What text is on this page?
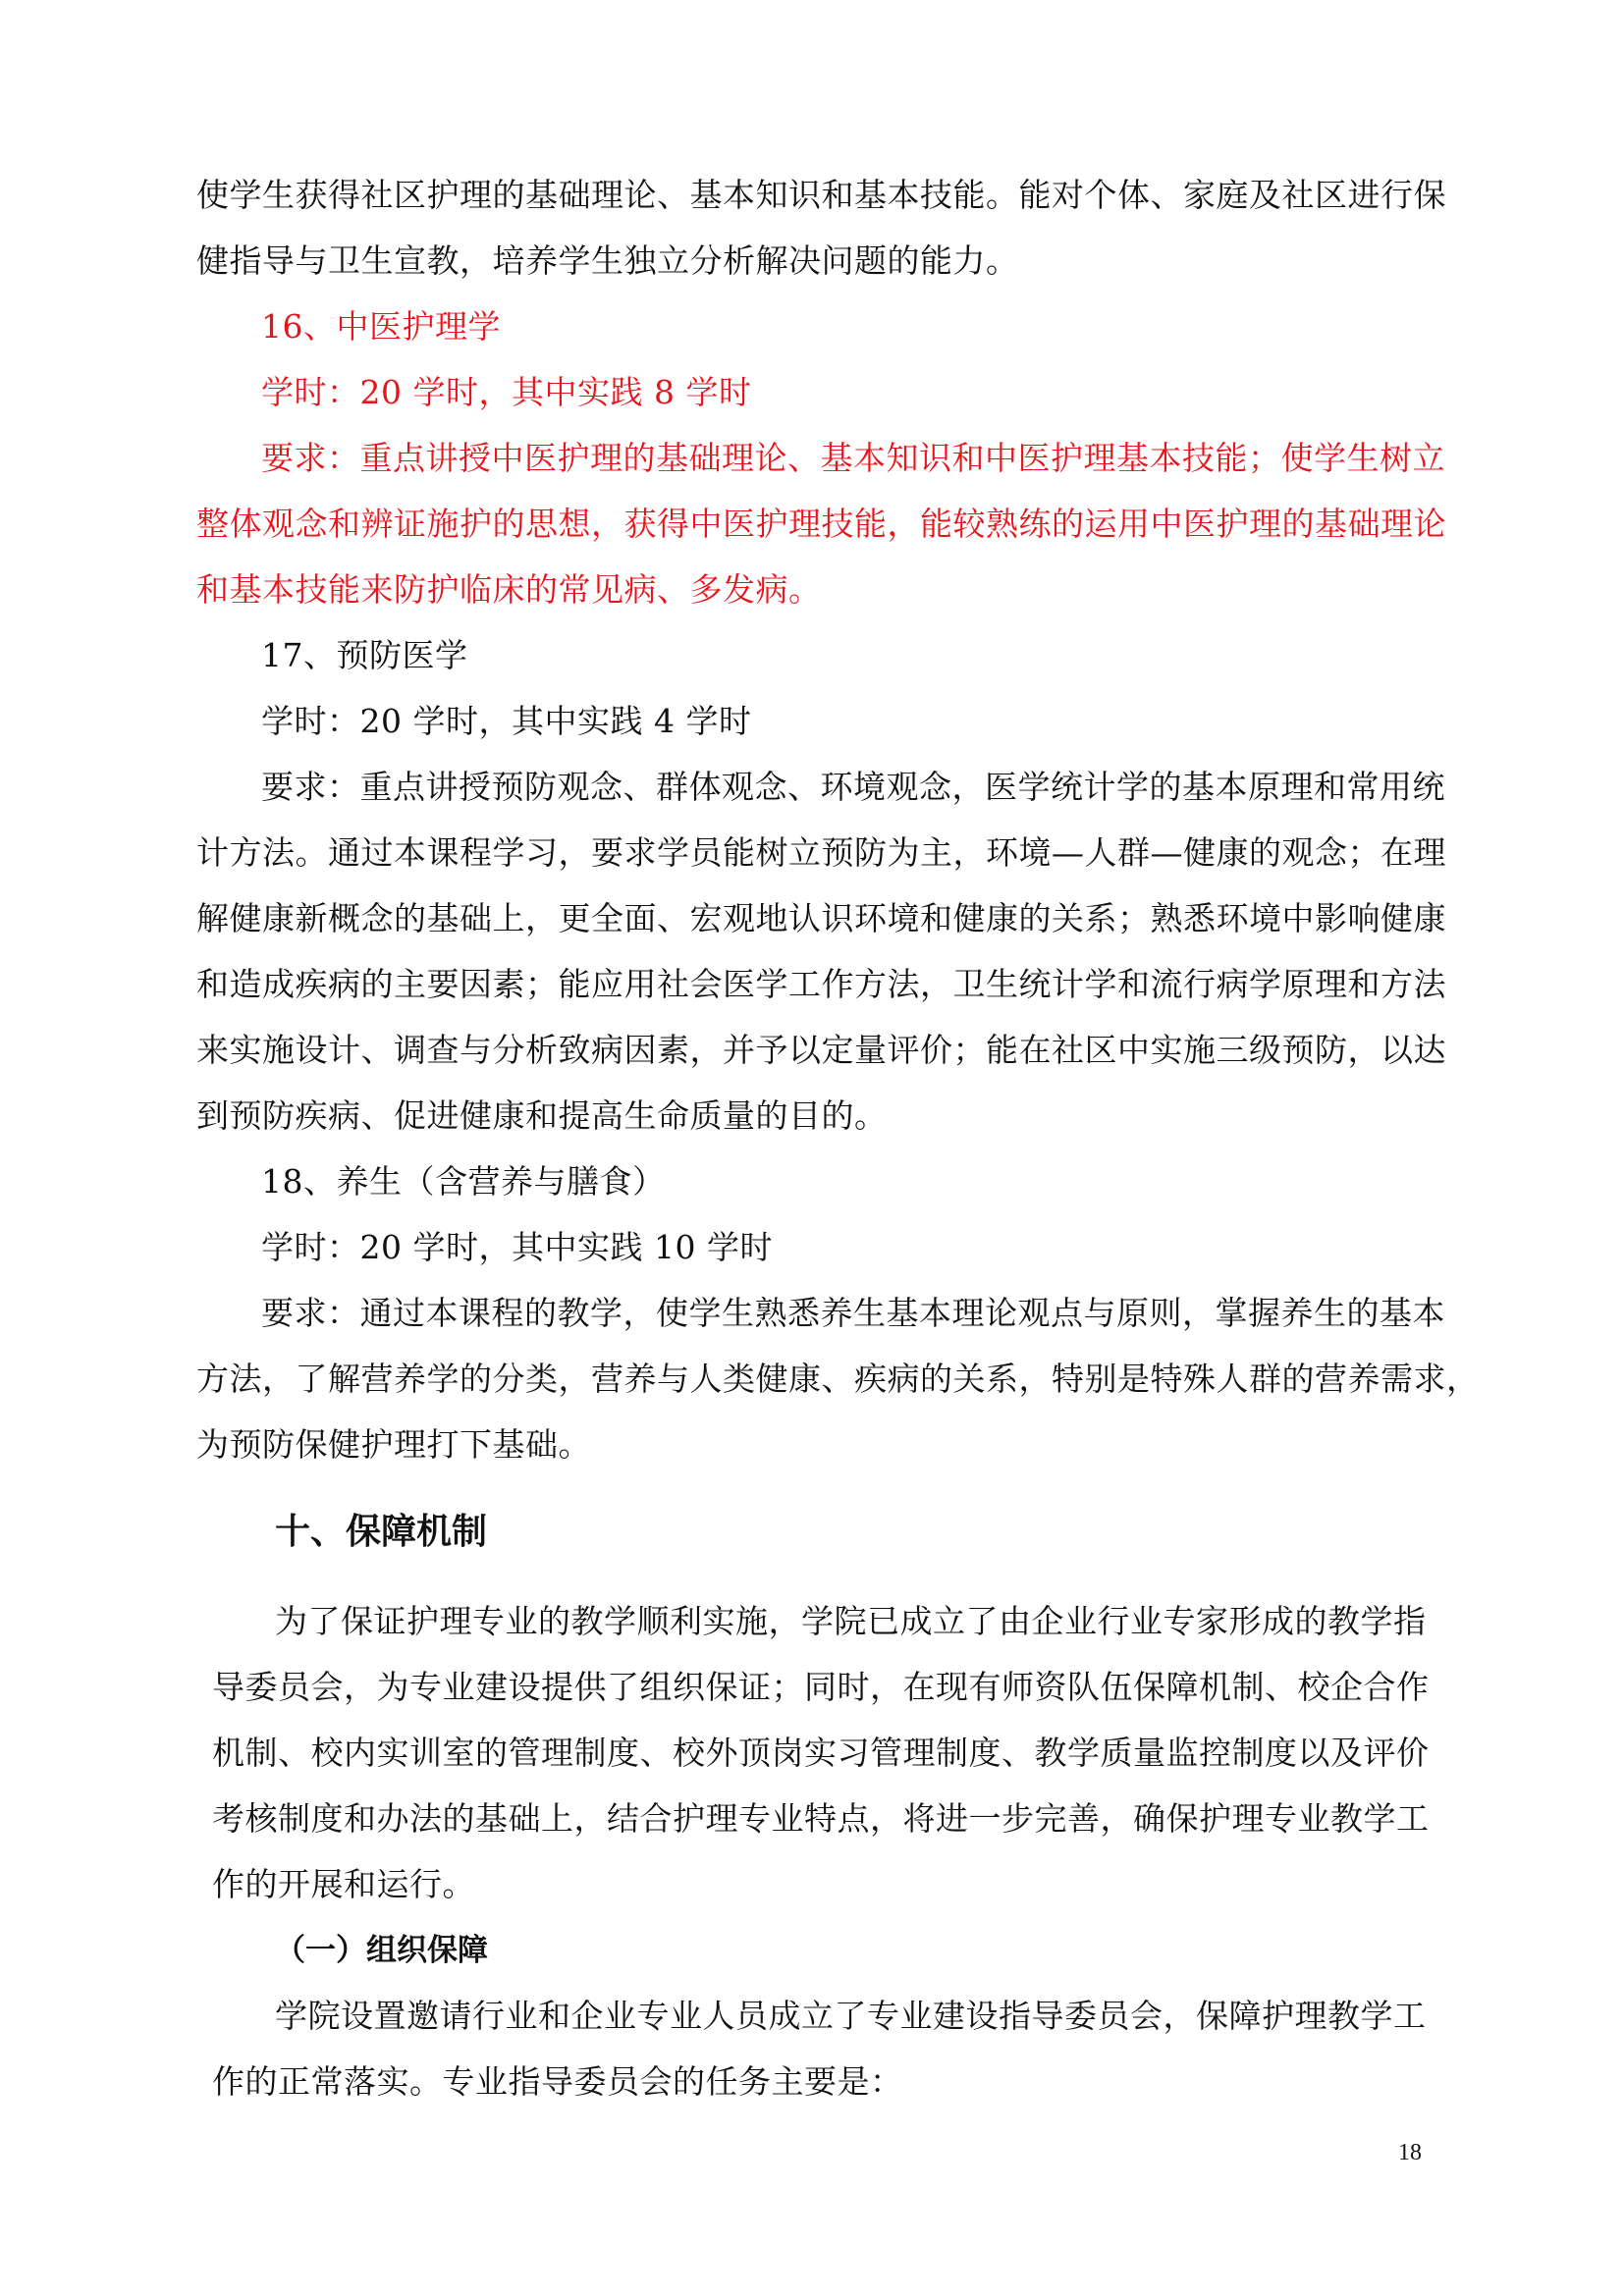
使学生获得社区护理的基础理论、基本知识和基本技能。能对个体、家庭及社区进行保
健指导与卫生宣教，培养学生独立分析解决问题的能力。
16、中医护理学
学时：20 学时，其中实践 8 学时
要求：重点讲授中医护理的基础理论、基本知识和中医护理基本技能；使学生树立
整体观念和辨证施护的思想，获得中医护理技能，能较熟练的运用中医护理的基础理论
和基本技能来防护临床的常见病、多发病。
17、预防医学
学时：20 学时，其中实践 4 学时
要求：重点讲授预防观念、群体观念、环境观念，医学统计学的基本原理和常用统
计方法。通过本课程学习，要求学员能树立预防为主，环境—人群—健康的观念；在理
解健康新概念的基础上，更全面、宏观地认识环境和健康的关系；熟悉环境中影响健康
和造成疾病的主要因素；能应用社会医学工作方法，卫生统计学和流行病学原理和方法
来实施设计、调查与分析致病因素，并予以定量评价；能在社区中实施三级预防，以达
到预防疾病、促进健康和提高生命质量的目的。
18、养生（含营养与膳食）
学时：20 学时，其中实践 10 学时
要求：通过本课程的教学，使学生熟悉养生基本理论观点与原则，掌握养生的基本
方法，了解营养学的分类，营养与人类健康、疾病的关系，特别是特殊人群的营养需求，
为预防保健护理打下基础。
十、保障机制
为了保证护理专业的教学顺利实施，学院已成立了由企业行业专家形成的教学指
导委员会，为专业建设提供了组织保证；同时，在现有师资队伍保障机制、校企合作
机制、校内实训室的管理制度、校外顶岗实习管理制度、教学质量监控制度以及评价
考核制度和办法的基础上，结合护理专业特点，将进一步完善，确保护理专业教学工
作的开展和运行。
（一）组织保障
学院设置邀请行业和企业专业人员成立了专业建设指导委员会，保障护理教学工
作的正常落实。专业指导委员会的任务主要是：
18
